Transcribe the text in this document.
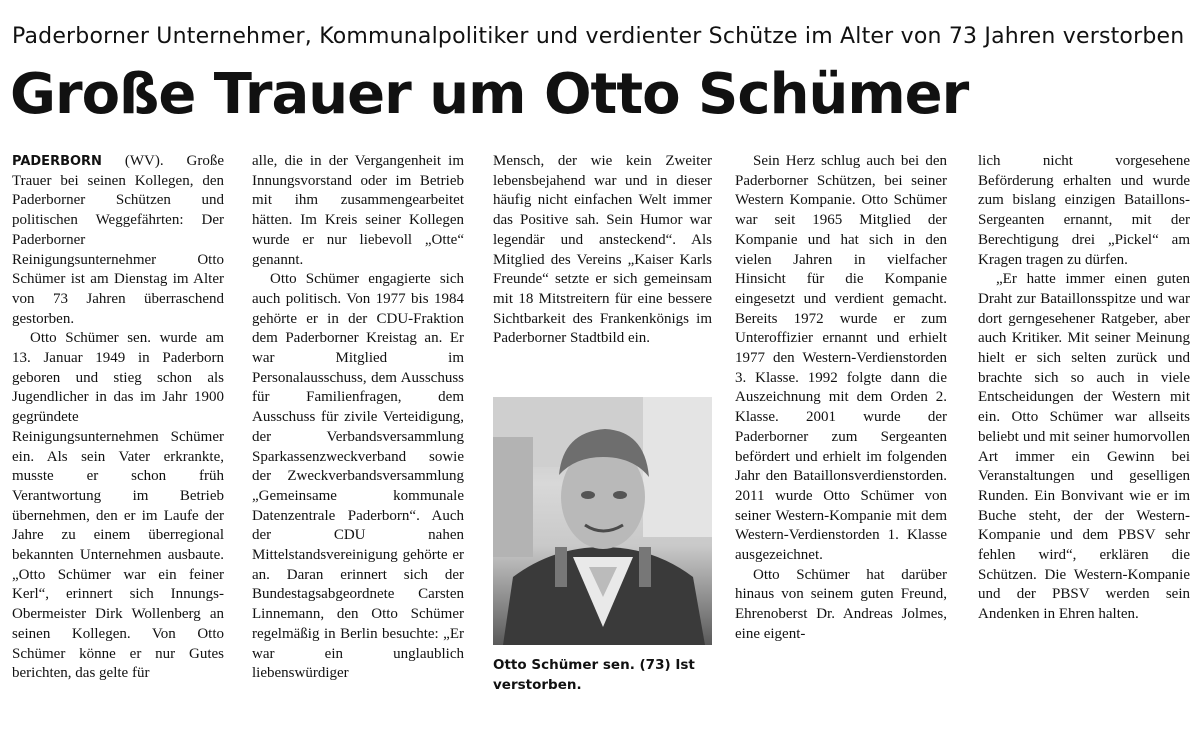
Paderborner Unternehmer, Kommunalpolitiker und verdienter Schütze im Alter von 73 Jahren verstorben
Große Trauer um Otto Schümer

PADERBORN (WV). Große Trauer bei seinen Kollegen, den Paderborner Schützen und politischen Weggefährten: Der Paderborner Reinigungsunternehmer Otto Schümer ist am Dienstag im Alter von 73 Jahren überraschend gestorben.

Otto Schümer sen. wurde am 13. Januar 1949 in Paderborn geboren und stieg schon als Jugendlicher in das im Jahr 1900 gegründete Reinigungsunternehmen Schümer ein. Als sein Vater erkrankte, musste er schon früh Verantwortung im Betrieb übernehmen, den er im Laufe der Jahre zu einem überregional bekannten Unternehmen ausbaute. „Otto Schümer war ein feiner Kerl“, erinnert sich Innungs-Obermeister Dirk Wollenberg an seinen Kollegen. Von Otto Schümer könne er nur Gutes berichten, das gelte für

alle, die in der Vergangenheit im Innungsvorstand oder im Betrieb mit ihm zusammengearbeitet hätten. Im Kreis seiner Kollegen wurde er nur liebevoll „Otte“ genannt.

Otto Schümer engagierte sich auch politisch. Von 1977 bis 1984 gehörte er in der CDU-Fraktion dem Paderborner Kreistag an. Er war Mitglied im Personalausschuss, dem Ausschuss für Familienfragen, dem Ausschuss für zivile Verteidigung, der Verbandsversammlung Sparkassenzweckverband sowie der Zweckverbandsversammlung „Gemeinsame kommunale Datenzentrale Paderborn“. Auch der CDU nahen Mittelstandsvereinigung gehörte er an. Daran erinnert sich der Bundestagsabgeordnete Carsten Linnemann, den Otto Schümer regelmäßig in Berlin besuchte: „Er war ein unglaublich liebenswürdiger

Mensch, der wie kein Zweiter lebensbejahend war und in dieser häufig nicht einfachen Welt immer das Positive sah. Sein Humor war legendär und ansteckend“. Als Mitglied des Vereins „Kaiser Karls Freunde“ setzte er sich gemeinsam mit 18 Mitstreitern für eine bessere Sichtbarkeit des Frankenkönigs im Paderborner Stadtbild ein.

Otto Schümer sen. (73) Ist verstorben.

Sein Herz schlug auch bei den Paderborner Schützen, bei seiner Western Kompanie. Otto Schümer war seit 1965 Mitglied der Kompanie und hat sich in den vielen Jahren in vielfacher Hinsicht für die Kompanie eingesetzt und verdient gemacht. Bereits 1972 wurde er zum Unteroffizier ernannt und erhielt 1977 den Western-Verdienstorden 3. Klasse. 1992 folgte dann die Auszeichnung mit dem Orden 2. Klasse. 2001 wurde der Paderborner zum Sergeanten befördert und erhielt im folgenden Jahr den Bataillonsverdienstorden. 2011 wurde Otto Schümer von seiner Western-Kompanie mit dem Western-Verdienstorden 1. Klasse ausgezeichnet.

Otto Schümer hat darüber hinaus von seinem guten Freund, Ehrenoberst Dr. Andreas Jolmes, eine eigent-

lich nicht vorgesehene Beförderung erhalten und wurde zum bislang einzigen Bataillons-Sergeanten ernannt, mit der Berechtigung drei „Pickel“ am Kragen tragen zu dürfen.

„Er hatte immer einen guten Draht zur Bataillonsspitze und war dort gerngesehener Ratgeber, aber auch Kritiker. Mit seiner Meinung hielt er sich selten zurück und brachte sich so auch in viele Entscheidungen der Western mit ein. Otto Schümer war allseits beliebt und mit seiner humorvollen Art immer ein Gewinn bei Veranstaltungen und geselligen Runden. Ein Bonvivant wie er im Buche steht, der der Western-Kompanie und dem PBSV sehr fehlen wird“, erklären die Schützen. Die Western-Kompanie und der PBSV werden sein Andenken in Ehren halten.
